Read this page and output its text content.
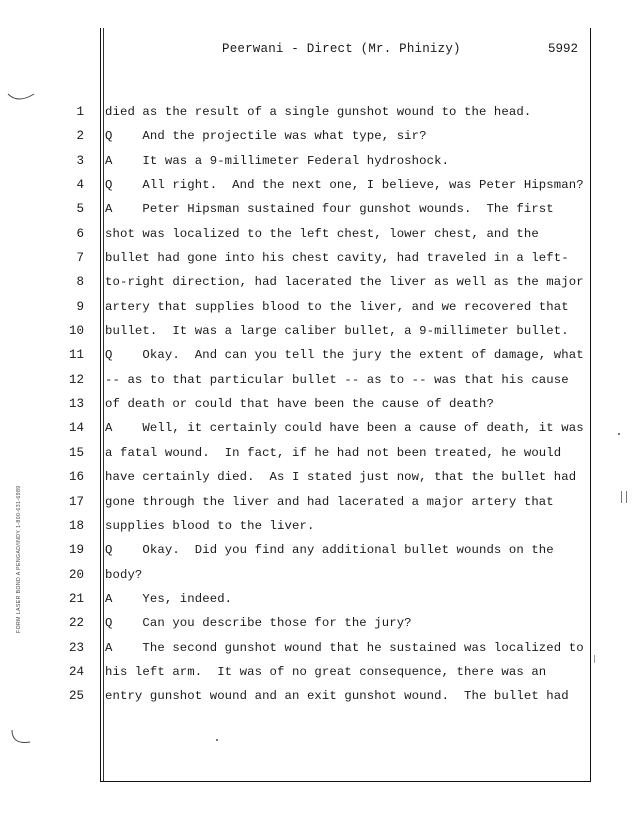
Peerwani - Direct (Mr. Phinizy)	5992
1
2
3
4
5
6
7
8
9
10
11
12
13
14
15
16
17
18
19
20
21
22
23
24
25
died as the result of a single gunshot wound to the head.
Q    And the projectile was what type, sir?
A    It was a 9-millimeter Federal hydroshock.
Q    All right.  And the next one, I believe, was Peter Hipsman?
A    Peter Hipsman sustained four gunshot wounds.  The first
shot was localized to the left chest, lower chest, and the
bullet had gone into his chest cavity, had traveled in a left-
to-right direction, had lacerated the liver as well as the major
artery that supplies blood to the liver, and we recovered that
bullet.  It was a large caliber bullet, a 9-millimeter bullet.
Q    Okay.  And can you tell the jury the extent of damage, what
-- as to that particular bullet -- as to -- was that his cause
of death or could that have been the cause of death?
A    Well, it certainly could have been a cause of death, it was
a fatal wound.  In fact, if he had not been treated, he would
have certainly died.  As I stated just now, that the bullet had
gone through the liver and had lacerated a major artery that
supplies blood to the liver.
Q    Okay.  Did you find any additional bullet wounds on the
body?
A    Yes, indeed.
Q    Can you describe those for the jury?
A    The second gunshot wound that he sustained was localized to
his left arm.  It was of no great consequence, there was an
entry gunshot wound and an exit gunshot wound.  The bullet had
FORM LASER BOND A PENGAD/INDY 1-800-631-6989
